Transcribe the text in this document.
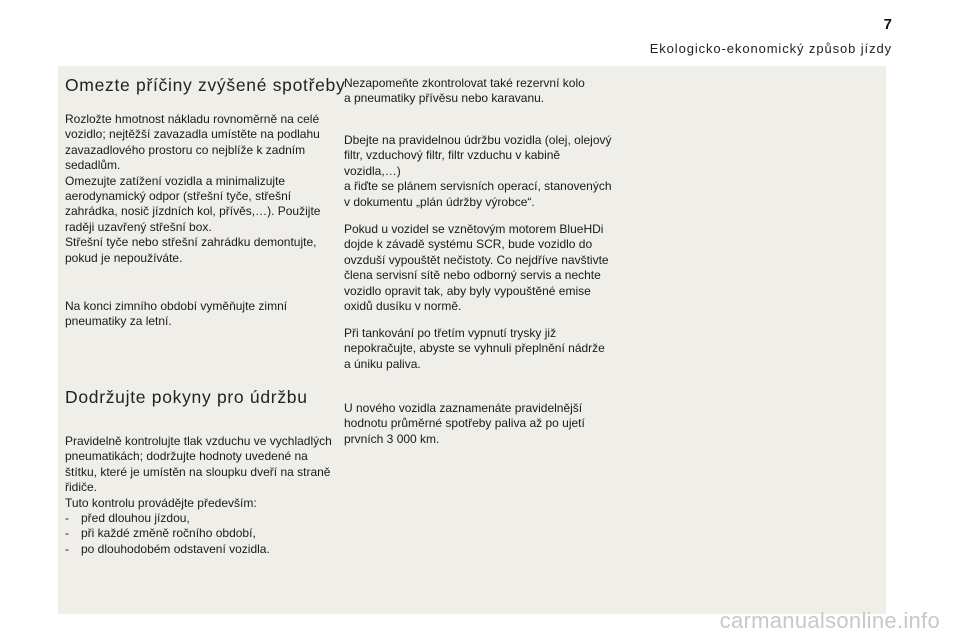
7
Ekologicko-ekonomický způsob jízdy
Omezte příčiny zvýšené spotřeby

Rozložte hmotnost nákladu rovnoměrně na celé
vozidlo; nejtěžší zavazadla umístěte na podlahu
zavazadlového prostoru co nejblíže k zadním
sedadlům.
Omezujte zatížení vozidla a minimalizujte
aerodynamický odpor (střešní tyče, střešní
zahrádka, nosič jízdních kol, přívěs,…). Použijte
raději uzavřený střešní box.
Střešní tyče nebo střešní zahrádku demontujte,
pokud je nepoužíváte.

Na konci zimního období vyměňujte zimní
pneumatiky za letní.

Dodržujte pokyny pro údržbu

Pravidelně kontrolujte tlak vzduchu ve vychladlých
pneumatikách; dodržujte hodnoty uvedené na
štítku, které je umístěn na sloupku dveří na straně
řidiče.
Tuto kontrolu provádějte především:

- před dlouhou jízdou,
- při každé změně ročního období,
- po dlouhodobém odstavení vozidla.

Nezapomeňte zkontrolovat také rezervní kolo
a pneumatiky přívěsu nebo karavanu.

Dbejte na pravidelnou údržbu vozidla (olej, olejový
filtr, vzduchový filtr, filtr vzduchu v kabině vozidla,…)
a řiďte se plánem servisních operací, stanovených
v dokumentu „plán údržby výrobce“.

Pokud u vozidel se vznětovým motorem BlueHDi
dojde k závadě systému SCR, bude vozidlo do
ovzduší vypouštět nečistoty. Co nejdříve navštivte
člena servisní sítě nebo odborný servis a nechte
vozidlo opravit tak, aby byly vypouštěné emise
oxidů dusíku v normě.

Při tankování po třetím vypnutí trysky již
nepokračujte, abyste se vyhnuli přeplnění nádrže
a úniku paliva.

U nového vozidla zaznamenáte pravidelnější
hodnotu průměrné spotřeby paliva až po ujetí
prvních 3 000 km.

carmanualsonline.info
